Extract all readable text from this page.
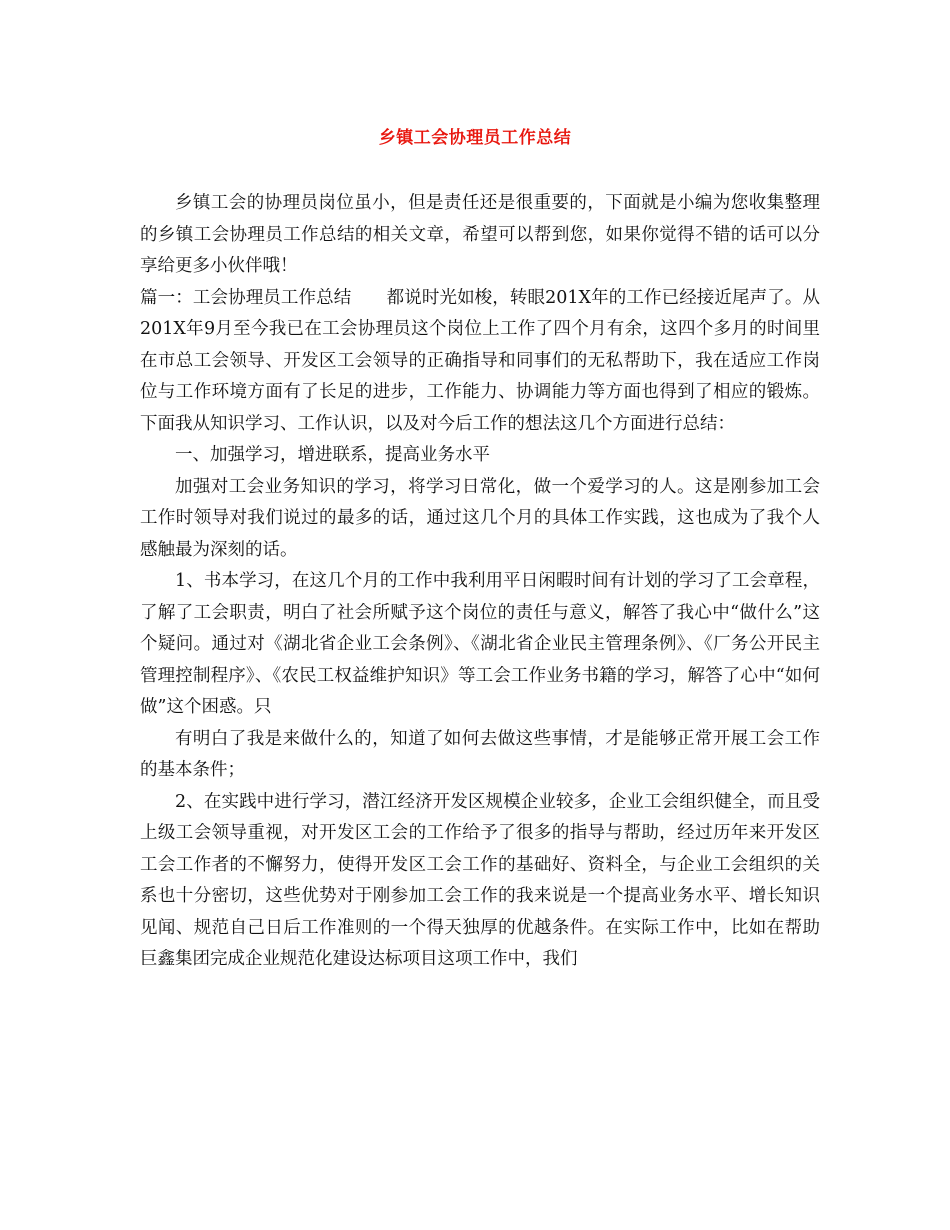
乡镇工会协理员工作总结

乡镇工会的协理员岗位虽小，但是责任还是很重要的，下面就是小编为您收集整理的乡镇工会协理员工作总结的相关文章，希望可以帮到您，如果你觉得不错的话可以分享给更多小伙伴哦！

篇一：工会协理员工作总结　　都说时光如梭，转眼201X年的工作已经接近尾声了。从201X年9月至今我已在工会协理员这个岗位上工作了四个月有余，这四个多月的时间里在市总工会领导、开发区工会领导的正确指导和同事们的无私帮助下，我在适应工作岗位与工作环境方面有了长足的进步，工作能力、协调能力等方面也得到了相应的锻炼。下面我从知识学习、工作认识，以及对今后工作的想法这几个方面进行总结：

一、加强学习，增进联系，提高业务水平

加强对工会业务知识的学习，将学习日常化，做一个爱学习的人。这是刚参加工会工作时领导对我们说过的最多的话，通过这几个月的具体工作实践，这也成为了我个人感触最为深刻的话。

1、书本学习，在这几个月的工作中我利用平日闲暇时间有计划的学习了工会章程，了解了工会职责，明白了社会所赋予这个岗位的责任与意义，解答了我心中“做什么”这个疑问。通过对《湖北省企业工会条例》、《湖北省企业民主管理条例》、《厂务公开民主管理控制程序》、《农民工权益维护知识》等工会工作业务书籍的学习，解答了心中“如何做”这个困惑。只

有明白了我是来做什么的，知道了如何去做这些事情，才是能够正常开展工会工作的基本条件；

2、在实践中进行学习，潜江经济开发区规模企业较多，企业工会组织健全，而且受上级工会领导重视，对开发区工会的工作给予了很多的指导与帮助，经过历年来开发区工会工作者的不懈努力，使得开发区工会工作的基础好、资料全，与企业工会组织的关系也十分密切，这些优势对于刚参加工会工作的我来说是一个提高业务水平、增长知识见闻、规范自己日后工作准则的一个得天独厚的优越条件。在实际工作中，比如在帮助巨鑫集团完成企业规范化建设达标项目这项工作中，我们
